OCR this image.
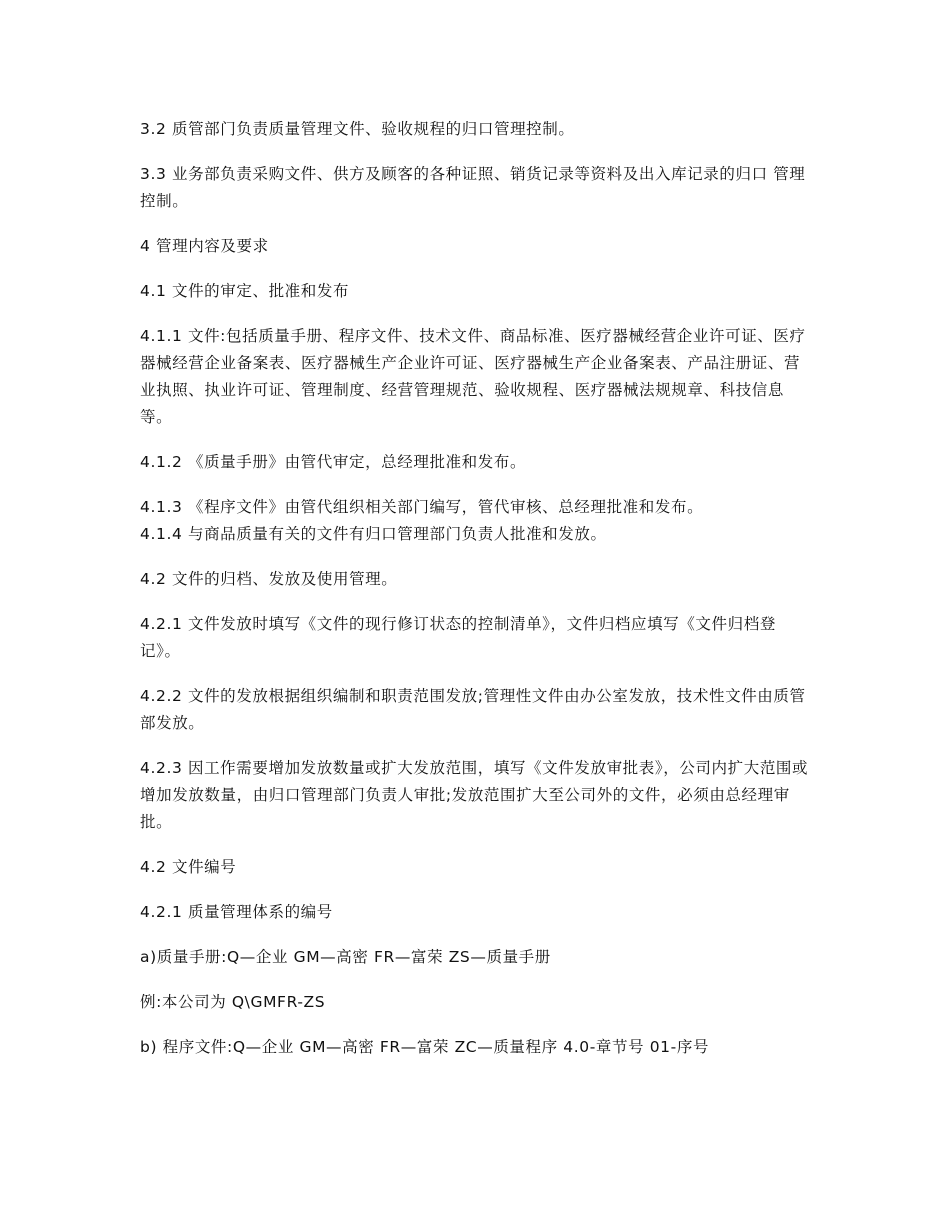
3.2 质管部门负责质量管理文件、验收规程的归口管理控制。

3.3 业务部负责采购文件、供方及顾客的各种证照、销货记录等资料及出入库记录的归口 管理控制。

4 管理内容及要求

4.1 文件的审定、批准和发布

4.1.1 文件:包括质量手册、程序文件、技术文件、商品标准、医疗器械经营企业许可证、医疗器械经营企业备案表、医疗器械生产企业许可证、医疗器械生产企业备案表、产品注册证、营业执照、执业许可证、管理制度、经营管理规范、验收规程、医疗器械法规规章、科技信息等。

4.1.2 《质量手册》由管代审定，总经理批准和发布。

4.1.3 《程序文件》由管代组织相关部门编写，管代审核、总经理批准和发布。

4.1.4 与商品质量有关的文件有归口管理部门负责人批准和发放。

4.2 文件的归档、发放及使用管理。

4.2.1 文件发放时填写《文件的现行修订状态的控制清单》，文件归档应填写《文件归档登记》。

4.2.2 文件的发放根据组织编制和职责范围发放;管理性文件由办公室发放，技术性文件由质管部发放。

4.2.3 因工作需要增加发放数量或扩大发放范围，填写《文件发放审批表》，公司内扩大范围或增加发放数量，由归口管理部门负责人审批;发放范围扩大至公司外的文件，必须由总经理审批。

4.2 文件编号

4.2.1 质量管理体系的编号

a)质量手册:Q—企业 GM—高密 FR—富荣 ZS—质量手册

例:本公司为 Q\GMFR-ZS

b) 程序文件:Q—企业 GM—高密 FR—富荣 ZC—质量程序 4.0-章节号 01-序号
